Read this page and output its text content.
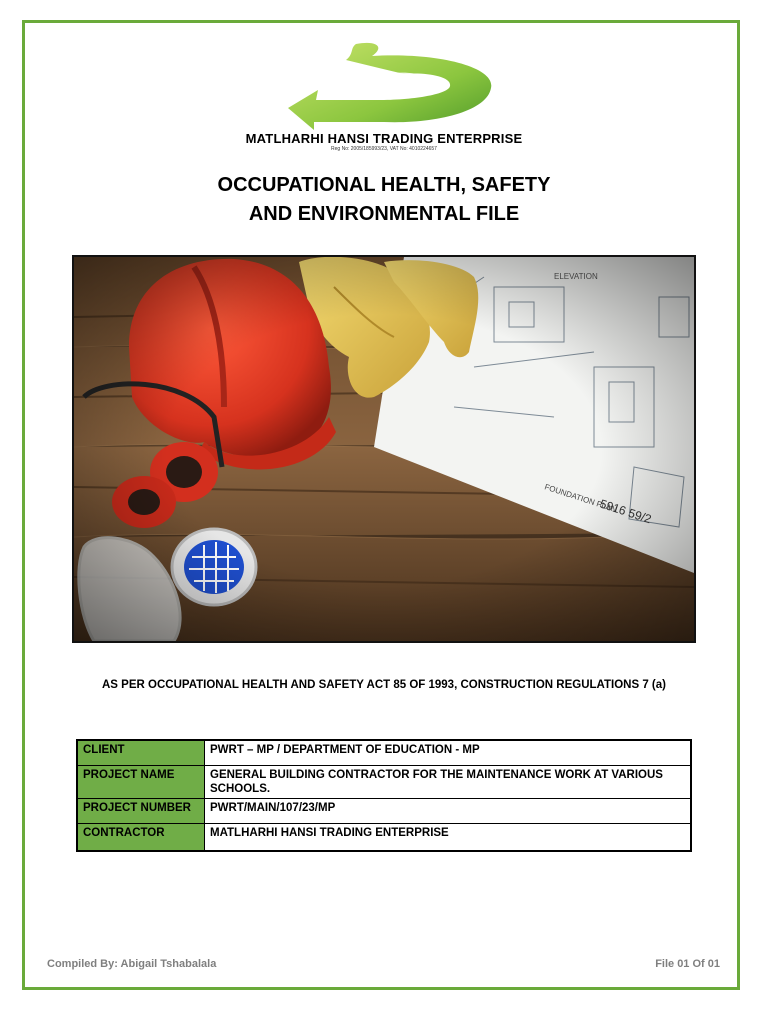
MATLHARHI HANSI TRADING ENTERPRISE
Reg No: 2005/185993/23, VAT No: 4010224657
OCCUPATIONAL HEALTH, SAFETY
AND ENVIRONMENTAL FILE
AS PER OCCUPATIONAL HEALTH AND SAFETY ACT 85 OF 1993, CONSTRUCTION REGULATIONS 7 (a)
CLIENT	PWRT – MP / DEPARTMENT OF EDUCATION - MP
PROJECT NAME	GENERAL BUILDING CONTRACTOR FOR THE MAINTENANCE WORK AT VARIOUS SCHOOLS.
PROJECT NUMBER	PWRT/MAIN/107/23/MP
CONTRACTOR	MATLHARHI HANSI TRADING ENTERPRISE
Compiled By: Abigail Tshabalala	File 01 Of 01
